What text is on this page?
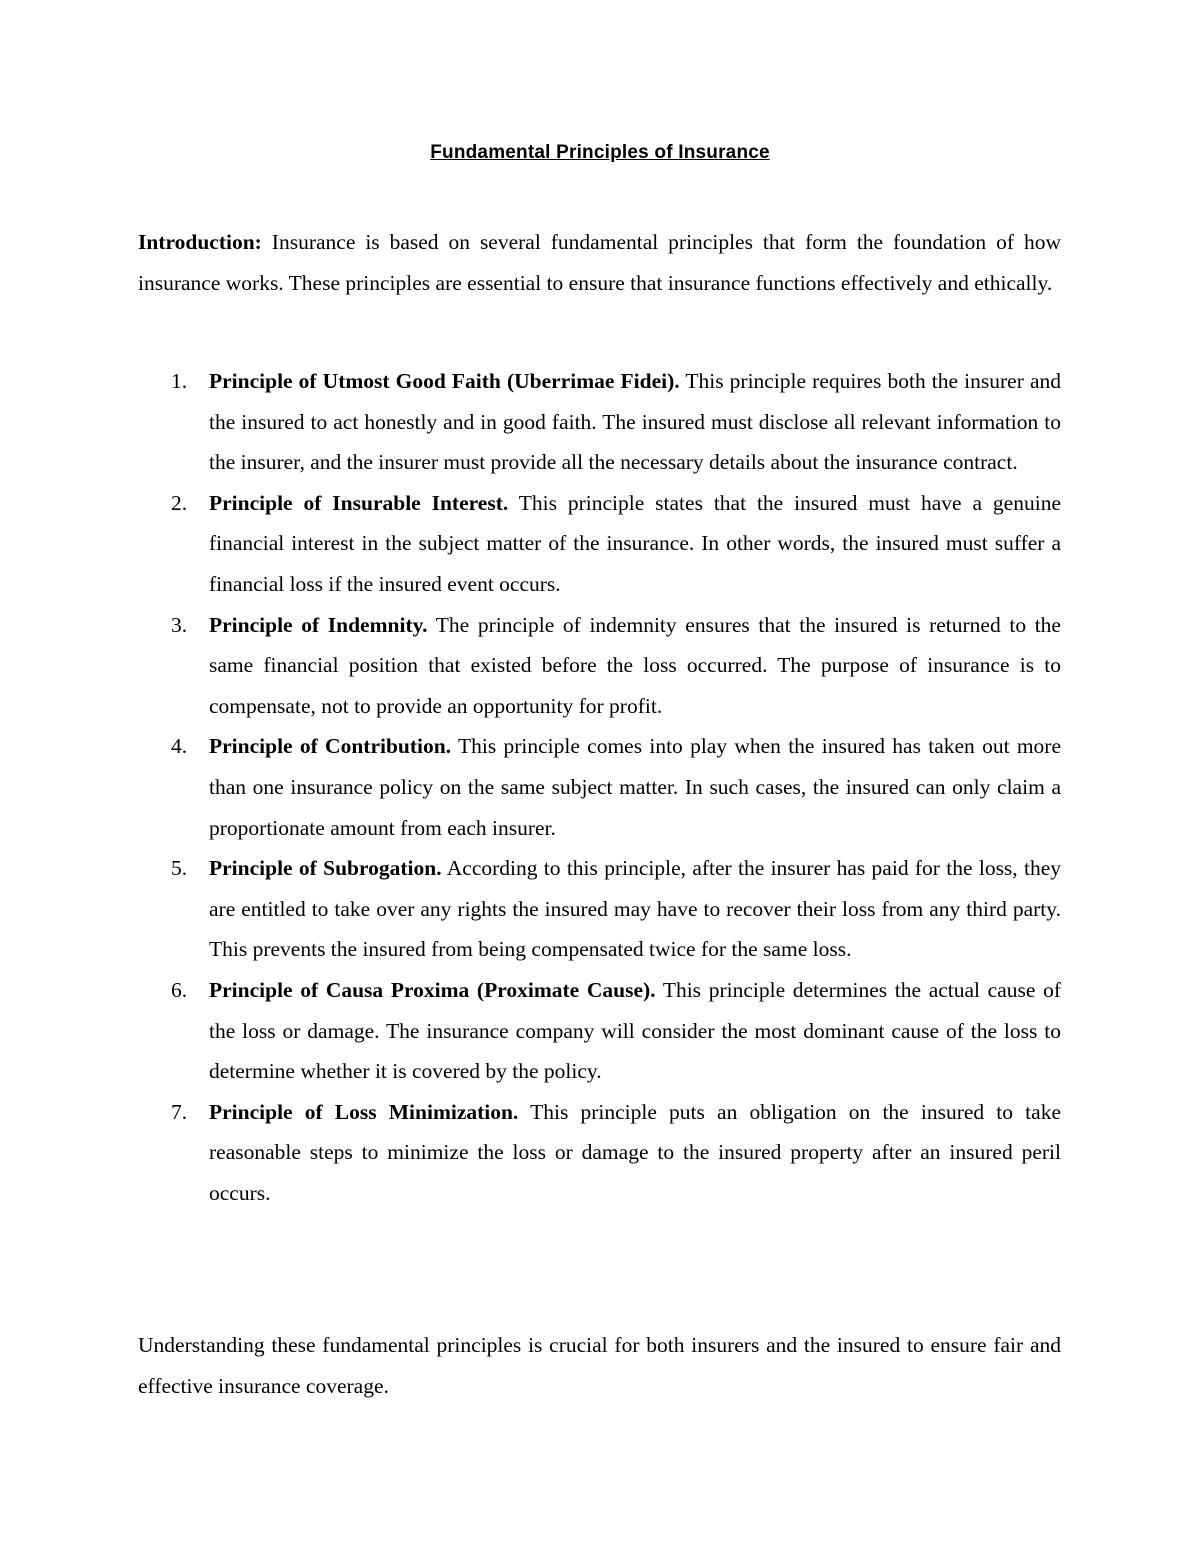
Fundamental Principles of Insurance

Introduction: Insurance is based on several fundamental principles that form the foundation of how insurance works. These principles are essential to ensure that insurance functions effectively and ethically.

1. Principle of Utmost Good Faith (Uberrimae Fidei). This principle requires both the insurer and the insured to act honestly and in good faith. The insured must disclose all relevant information to the insurer, and the insurer must provide all the necessary details about the insurance contract.
2. Principle of Insurable Interest. This principle states that the insured must have a genuine financial interest in the subject matter of the insurance. In other words, the insured must suffer a financial loss if the insured event occurs.
3. Principle of Indemnity. The principle of indemnity ensures that the insured is returned to the same financial position that existed before the loss occurred. The purpose of insurance is to compensate, not to provide an opportunity for profit.
4. Principle of Contribution. This principle comes into play when the insured has taken out more than one insurance policy on the same subject matter. In such cases, the insured can only claim a proportionate amount from each insurer.
5. Principle of Subrogation. According to this principle, after the insurer has paid for the loss, they are entitled to take over any rights the insured may have to recover their loss from any third party. This prevents the insured from being compensated twice for the same loss.
6. Principle of Causa Proxima (Proximate Cause). This principle determines the actual cause of the loss or damage. The insurance company will consider the most dominant cause of the loss to determine whether it is covered by the policy.
7. Principle of Loss Minimization. This principle puts an obligation on the insured to take reasonable steps to minimize the loss or damage to the insured property after an insured peril occurs.

Understanding these fundamental principles is crucial for both insurers and the insured to ensure fair and effective insurance coverage.
